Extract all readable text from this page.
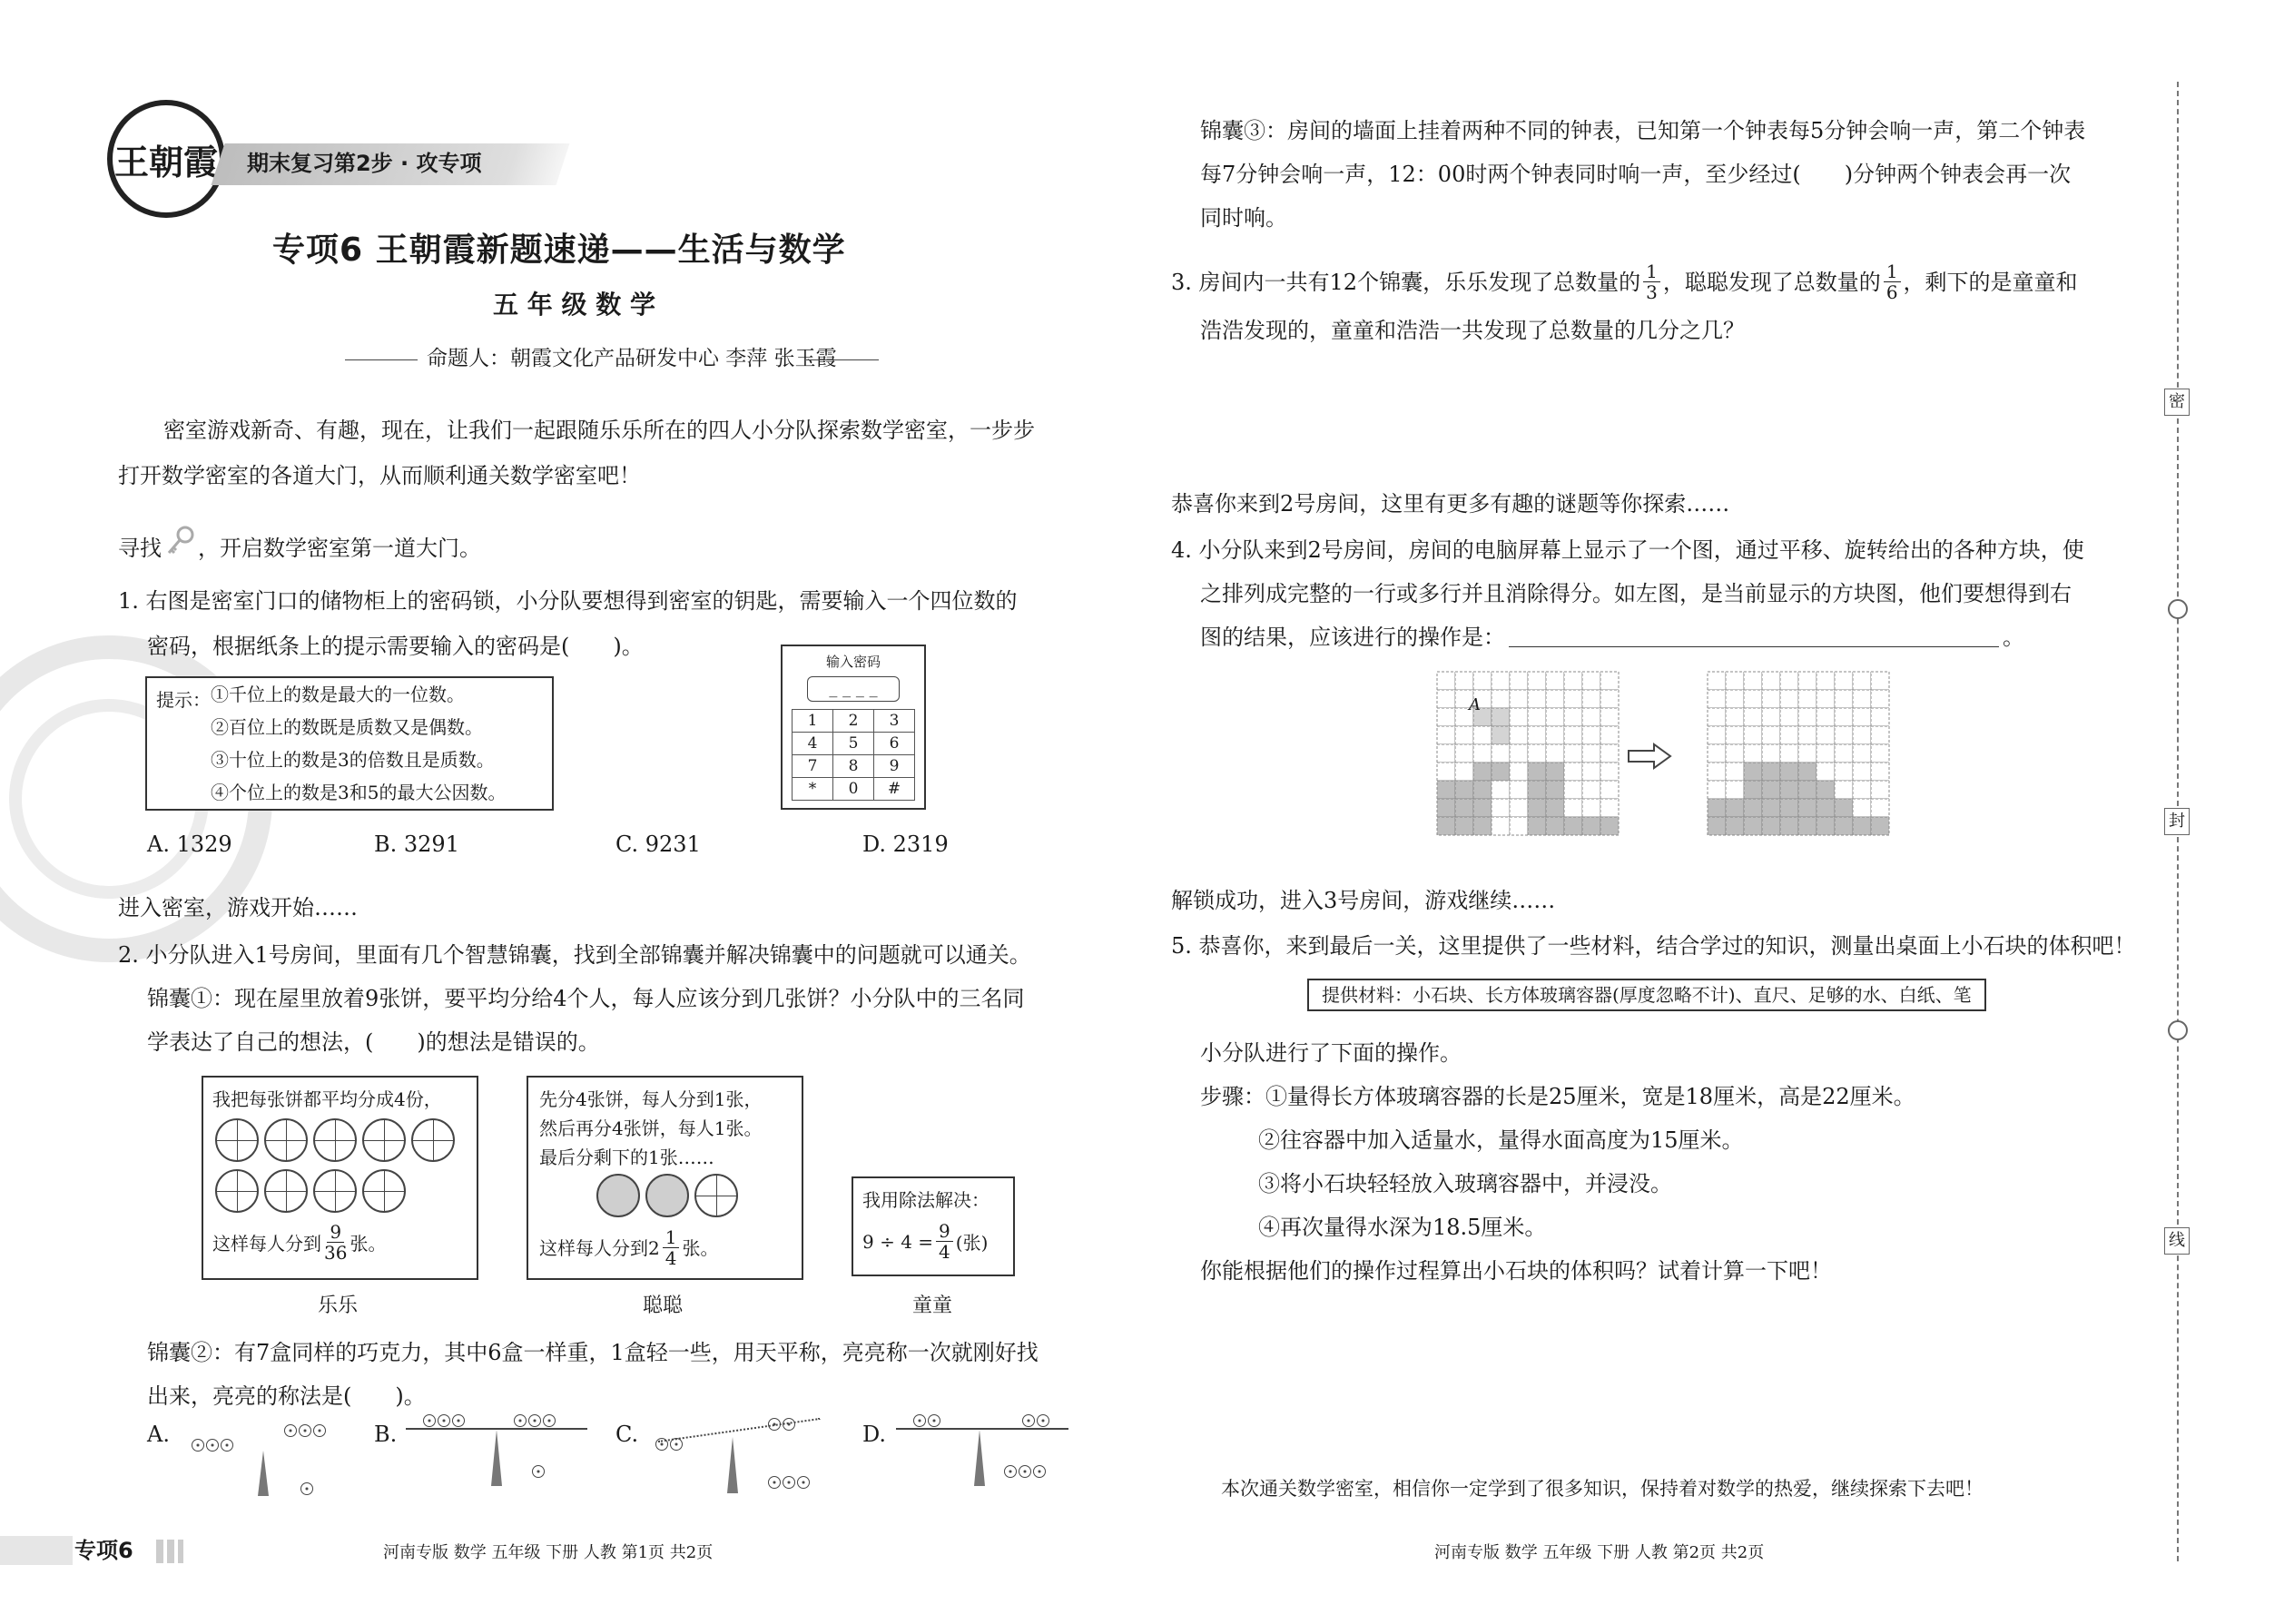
王朝霞 期末复习第2步 · 攻专项
专项6 王朝霞新题速递——生活与数学
五 年 级 数 学
命题人：朝霞文化产品研发中心 李萍 张玉霞
密室游戏新奇、有趣，现在，让我们一起跟随乐乐所在的四人小分队探索数学密室，一步步
打开数学密室的各道大门，从而顺利通关数学密室吧！
寻找 ，开启数学密室第一道大门。
1. 右图是密室门口的储物柜上的密码锁，小分队要想得到密室的钥匙，需要输入一个四位数的
密码，根据纸条上的提示需要输入的密码是(　　)。
提示： ①千位上的数是最大的一位数。
②百位上的数既是质数又是偶数。
③十位上的数是3的倍数且是质数。
④个位上的数是3和5的最大公因数。
输入密码
_ _ _ _
1	2	3
4	5	6
7	8	9
*	0	#
A. 1329	B. 3291	C. 9231	D. 2319
进入密室，游戏开始……
2. 小分队进入1号房间，里面有几个智慧锦囊，找到全部锦囊并解决锦囊中的问题就可以通关。
锦囊①：现在屋里放着9张饼，要平均分给4个人，每人应该分到几张饼？小分队中的三名同
学表达了自己的想法，(　　)的想法是错误的。
我把每张饼都平均分成4份，
这样每人分到 $\frac{9}{36}$ 张。
先分4张饼，每人分到1张，
然后再分4张饼，每人1张。
最后分剩下的1张……
这样每人分到$2 \frac{1}{4}$ 张。
我用除法解决：
$9 \div 4 = \frac{9}{4}$ (张)
乐乐	聪聪	童童
锦囊②：有7盒同样的巧克力，其中6盒一样重，1盒轻一些，用天平称，亮亮称一次就刚好找
出来，亮亮的称法是(　　)。
A.	B.	C.	D.
专项6	河南专版 数学 五年级 下册 人教 第1页 共2页
锦囊③：房间的墙面上挂着两种不同的钟表，已知第一个钟表每5分钟会响一声，第二个钟表
每7分钟会响一声，12：00时两个钟表同时响一声，至少经过(　　)分钟两个钟表会再一次
同时响。
3. 房间内一共有12个锦囊，乐乐发现了总数量的 $\frac{1}{3}$ ，聪聪发现了总数量的 $\frac{1}{6}$ ，剩下的是童童和
浩浩发现的，童童和浩浩一共发现了总数量的几分之几？
恭喜你来到2号房间，这里有更多有趣的谜题等你探索……
4. 小分队来到2号房间，房间的电脑屏幕上显示了一个图，通过平移、旋转给出的各种方块，使
之排列成完整的一行或多行并且消除得分。如左图，是当前显示的方块图，他们要想得到右
图的结果，应该进行的操作是：	。
A
解锁成功，进入3号房间，游戏继续……
5. 恭喜你，来到最后一关，这里提供了一些材料，结合学过的知识，测量出桌面上小石块的体积吧！
提供材料：小石块、长方体玻璃容器(厚度忽略不计)、直尺、足够的水、白纸、笔
小分队进行了下面的操作。
步骤：①量得长方体玻璃容器的长是25厘米，宽是18厘米，高是22厘米。
②往容器中加入适量水，量得水面高度为15厘米。
③将小石块轻轻放入玻璃容器中，并浸没。
④再次量得水深为18.5厘米。
你能根据他们的操作过程算出小石块的体积吗？试着计算一下吧！
本次通关数学密室，相信你一定学到了很多知识，保持着对数学的热爱，继续探索下去吧！
河南专版 数学 五年级 下册 人教 第2页 共2页
密
封
线
